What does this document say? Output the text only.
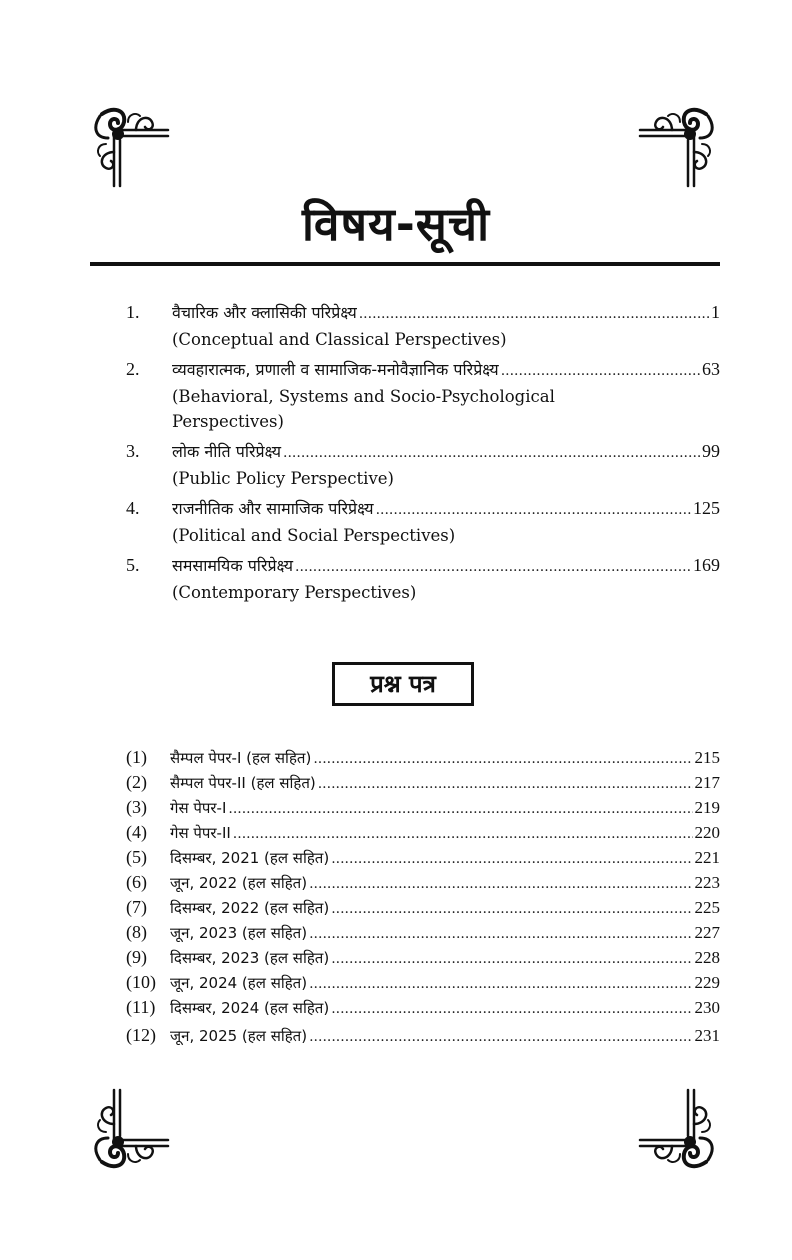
विषय-सूची
1.	वैचारिक और क्लासिकी परिप्रेक्ष्य .....	1
(Conceptual and Classical Perspectives)
2.	व्यवहारात्मक, प्रणाली व सामाजिक-मनोवैज्ञानिक परिप्रेक्ष्य .....	63
(Behavioral, Systems and Socio-Psychological Perspectives)
3.	लोक नीति परिप्रेक्ष्य .....	99
(Public Policy Perspective)
4.	राजनीतिक और सामाजिक परिप्रेक्ष्य .....	125
(Political and Social Perspectives)
5.	समसामयिक परिप्रेक्ष्य .....	169
(Contemporary Perspectives)
प्रश्न पत्र
(1)	सैम्पल पेपर-I (हल सहित) .....	215
(2)	सैम्पल पेपर-II (हल सहित) .....	217
(3)	गेस पेपर-I .....	219
(4)	गेस पेपर-II .....	220
(5)	दिसम्बर, 2021 (हल सहित) .....	221
(6)	जून, 2022 (हल सहित) .....	223
(7)	दिसम्बर, 2022 (हल सहित) .....	225
(8)	जून, 2023 (हल सहित) .....	227
(9)	दिसम्बर, 2023 (हल सहित) .....	228
(10) जून, 2024 (हल सहित) .....	229
(11) दिसम्बर, 2024 (हल सहित) .....	230
(12) जून, 2025 (हल सहित) .....	231
